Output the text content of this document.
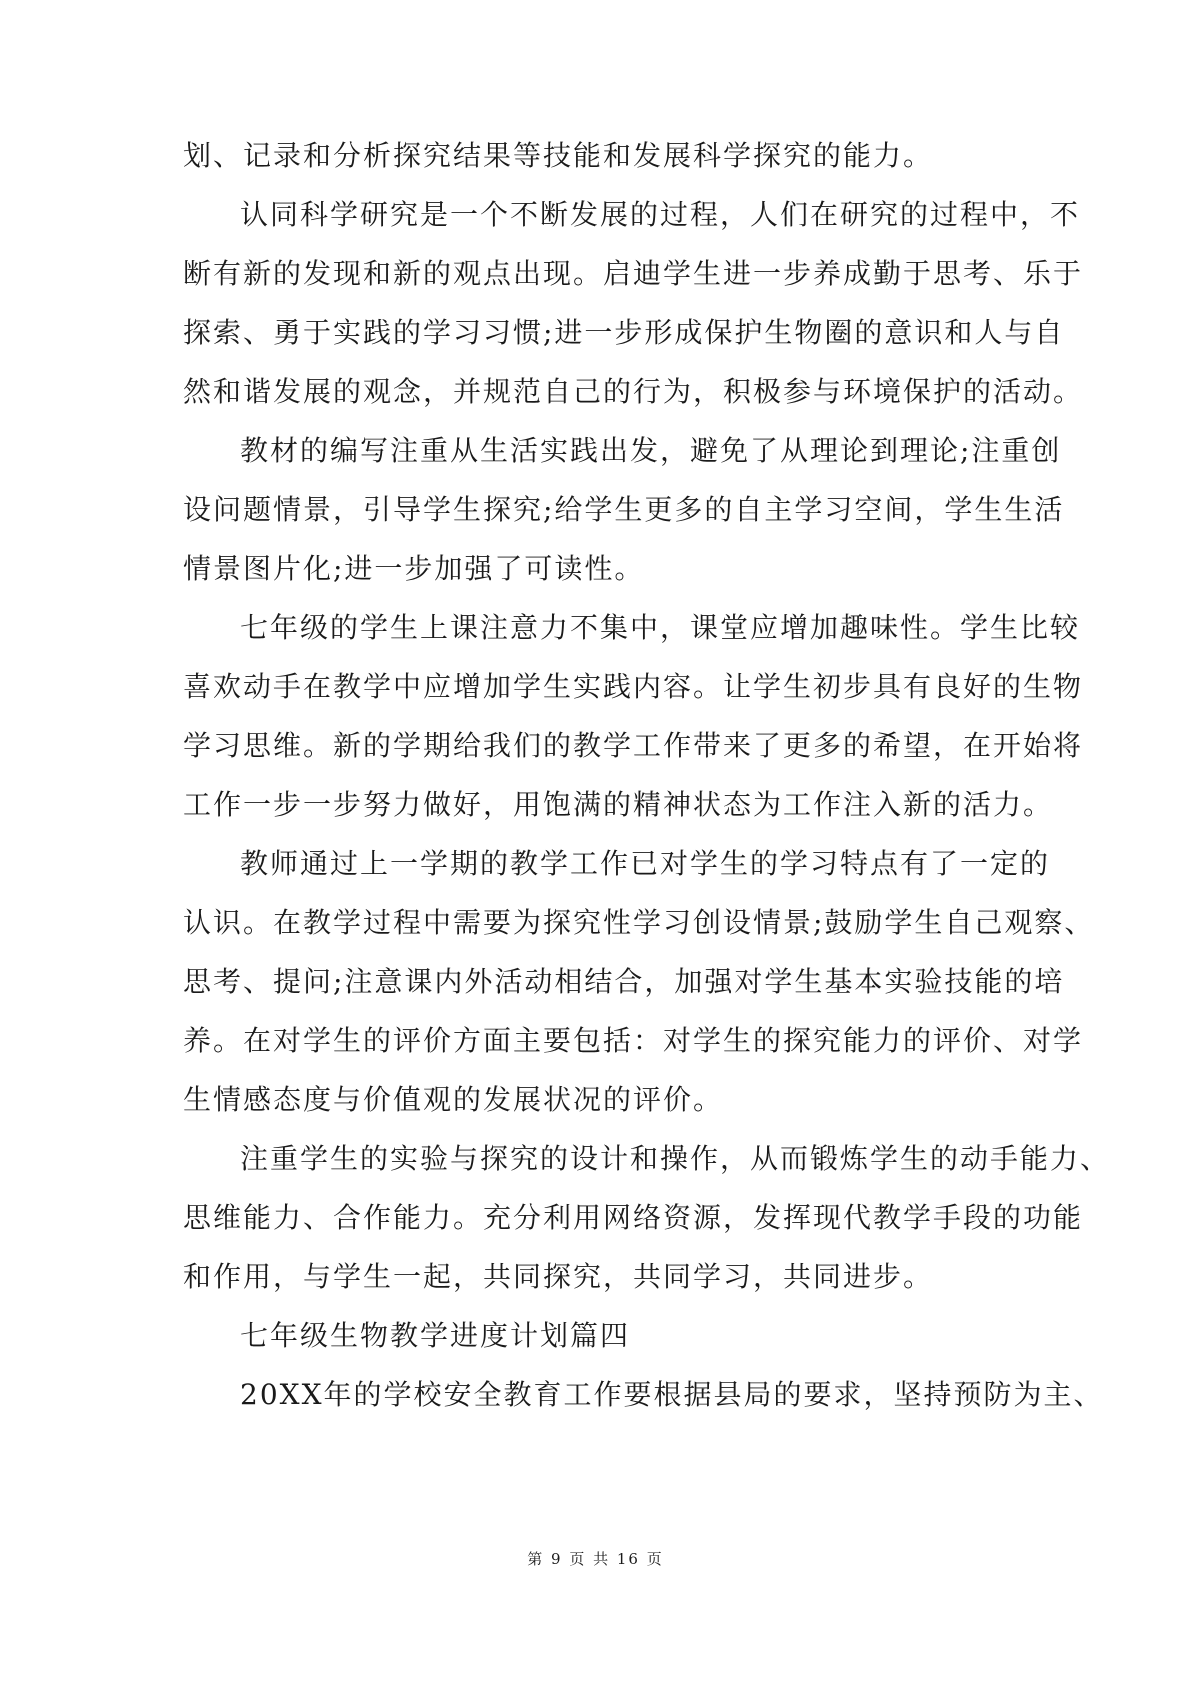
划、记录和分析探究结果等技能和发展科学探究的能力。
认同科学研究是一个不断发展的过程，人们在研究的过程中，不
断有新的发现和新的观点出现。启迪学生进一步养成勤于思考、乐于
探索、勇于实践的学习习惯;进一步形成保护生物圈的意识和人与自
然和谐发展的观念，并规范自己的行为，积极参与环境保护的活动。
教材的编写注重从生活实践出发，避免了从理论到理论;注重创
设问题情景，引导学生探究;给学生更多的自主学习空间，学生生活
情景图片化;进一步加强了可读性。
七年级的学生上课注意力不集中，课堂应增加趣味性。学生比较
喜欢动手在教学中应增加学生实践内容。让学生初步具有良好的生物
学习思维。新的学期给我们的教学工作带来了更多的希望，在开始将
工作一步一步努力做好，用饱满的精神状态为工作注入新的活力。
教师通过上一学期的教学工作已对学生的学习特点有了一定的
认识。在教学过程中需要为探究性学习创设情景;鼓励学生自己观察、
思考、提问;注意课内外活动相结合，加强对学生基本实验技能的培
养。在对学生的评价方面主要包括：对学生的探究能力的评价、对学
生情感态度与价值观的发展状况的评价。
注重学生的实验与探究的设计和操作，从而锻炼学生的动手能力、
思维能力、合作能力。充分利用网络资源，发挥现代教学手段的功能
和作用，与学生一起，共同探究，共同学习，共同进步。
七年级生物教学进度计划篇四
20XX年的学校安全教育工作要根据县局的要求，坚持预防为主、
第 9 页 共 16 页
